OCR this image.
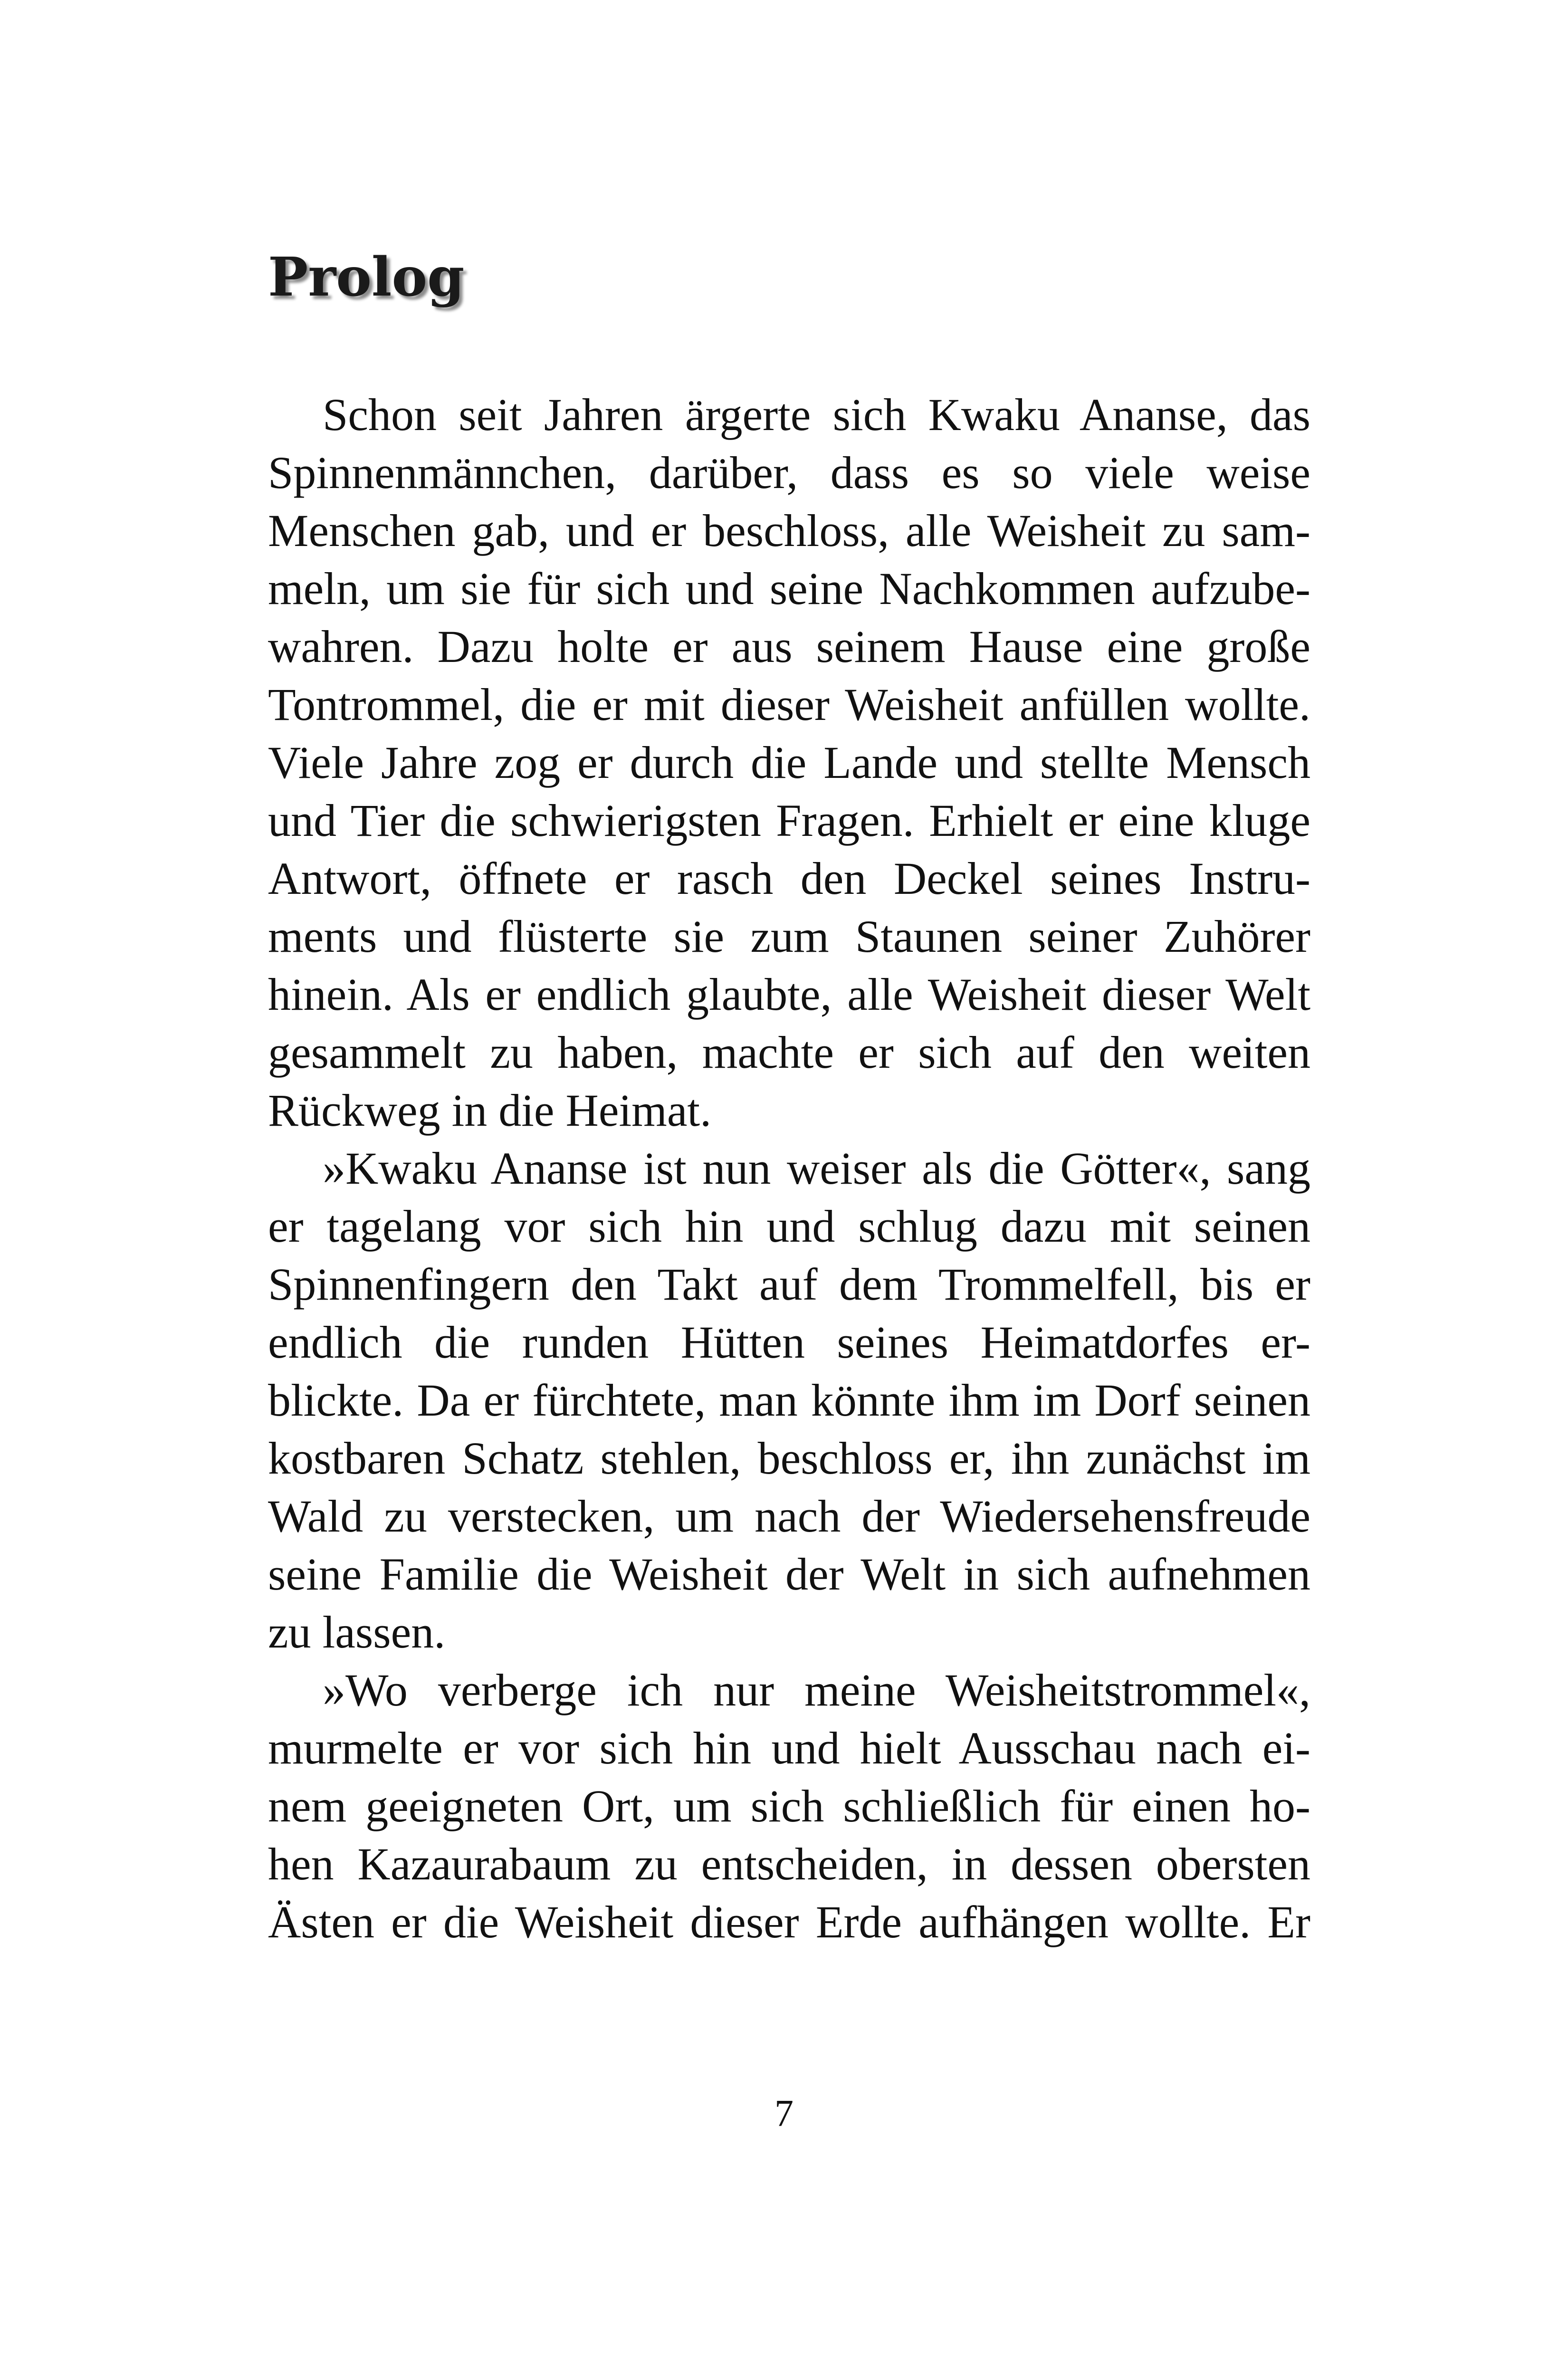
Prolog
Schon seit Jahren ärgerte sich Kwaku Ananse, das
Spinnenmännchen, darüber, dass es so viele weise
Menschen gab, und er beschloss, alle Weisheit zu sam-
meln, um sie für sich und seine Nachkommen aufzube-
wahren. Dazu holte er aus seinem Hause eine große
Tontrommel, die er mit dieser Weisheit anfüllen wollte.
Viele Jahre zog er durch die Lande und stellte Mensch
und Tier die schwierigsten Fragen. Erhielt er eine kluge
Antwort, öffnete er rasch den Deckel seines Instru-
ments und flüsterte sie zum Staunen seiner Zuhörer
hinein. Als er endlich glaubte, alle Weisheit dieser Welt
gesammelt zu haben, machte er sich auf den weiten
Rückweg in die Heimat.
»Kwaku Ananse ist nun weiser als die Götter«, sang
er tagelang vor sich hin und schlug dazu mit seinen
Spinnenfingern den Takt auf dem Trommelfell, bis er
endlich die runden Hütten seines Heimatdorfes er-
blickte. Da er fürchtete, man könnte ihm im Dorf seinen
kostbaren Schatz stehlen, beschloss er, ihn zunächst im
Wald zu verstecken, um nach der Wiedersehensfreude
seine Familie die Weisheit der Welt in sich aufnehmen
zu lassen.
»Wo verberge ich nur meine Weisheitstrommel«,
murmelte er vor sich hin und hielt Ausschau nach ei-
nem geeigneten Ort, um sich schließlich für einen ho-
hen Kazaurabaum zu entscheiden, in dessen obersten
Ästen er die Weisheit dieser Erde aufhängen wollte. Er

7
